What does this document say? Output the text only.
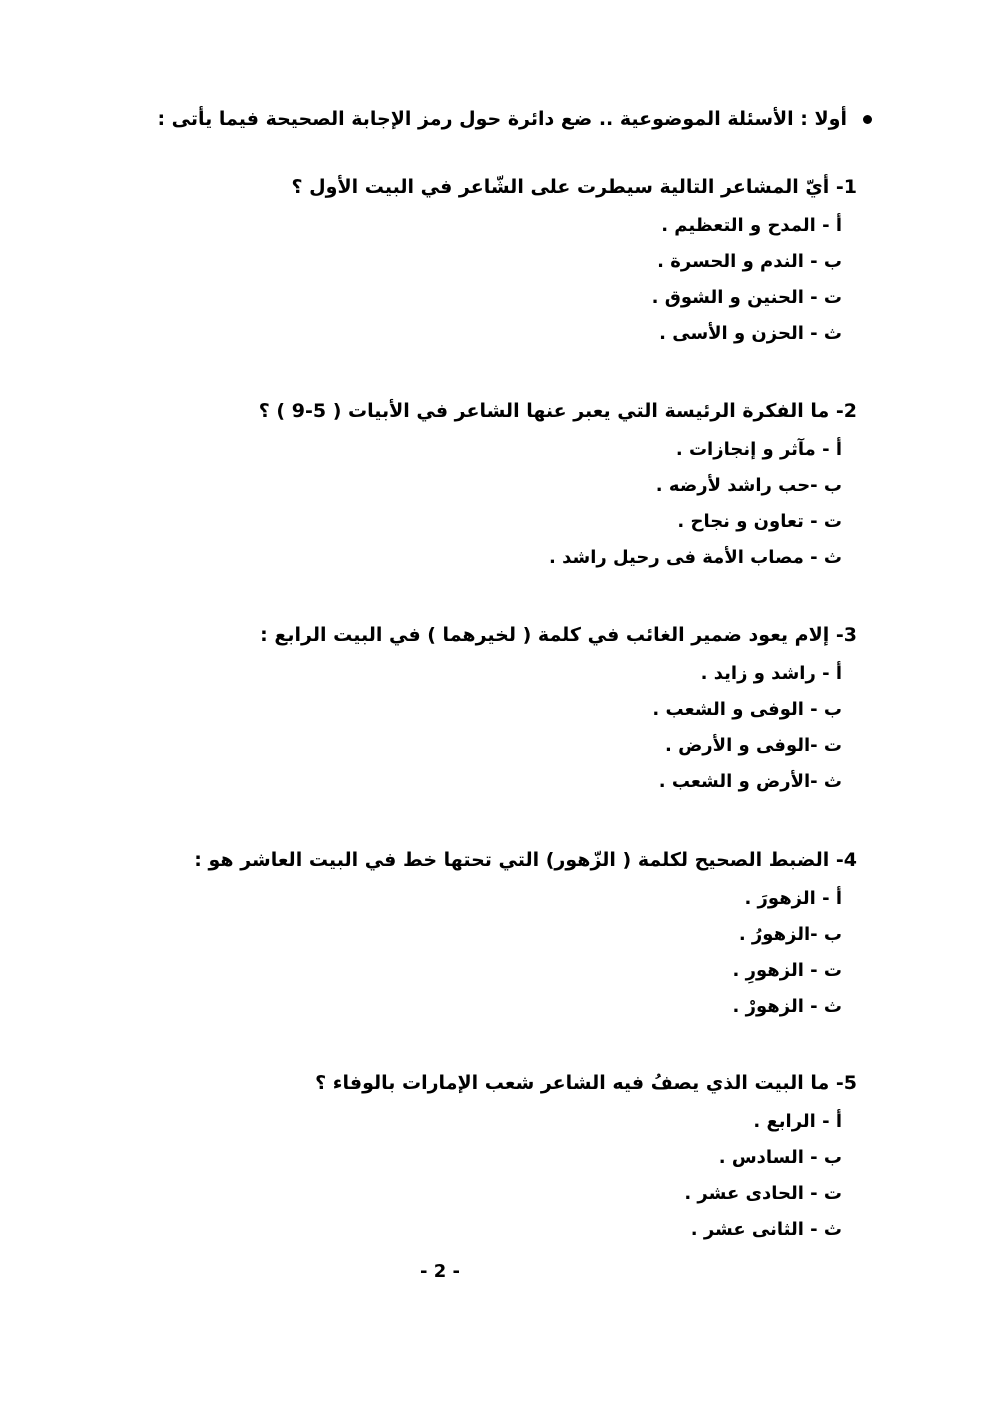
أولا : الأسئلة الموضوعية .. ضع دائرة حول رمز الإجابة الصحيحة فيما يأتى :

1- أيّ المشاعر التالية سيطرت على الشّاعر في البيت الأول ؟

أ - المدح و التعظيم .
ب - الندم و الحسرة .
ت - الحنين و الشوق .
ث - الحزن و الأسى .

2- ما الفكرة الرئيسة التي يعبر عنها الشاعر في الأبيات ( 5-9 ) ؟

أ - مآثر و إنجازات .
ب -حب راشد لأرضه .
ت - تعاون و نجاح .
ث - مصاب الأمة فى رحيل راشد .

3- إلام يعود ضمير الغائب في كلمة ( لخيرهما ) في البيت الرابع :

أ - راشد و زايد .
ب - الوفى و الشعب .
ت -الوفى و الأرض .
ث -الأرض و الشعب .

4- الضبط الصحيح لكلمة ( الزّهور) التي تحتها خط في البيت العاشر هو :

أ - الزهورَ .
ب -الزهورُ .
ت - الزهورِ .
ث - الزهورْ .

5- ما البيت الذي يصفُ فيه الشاعر شعب الإمارات بالوفاء ؟

أ - الرابع .
ب - السادس .
ت - الحادى عشر .
ث - الثانى عشر .
- 2 -
